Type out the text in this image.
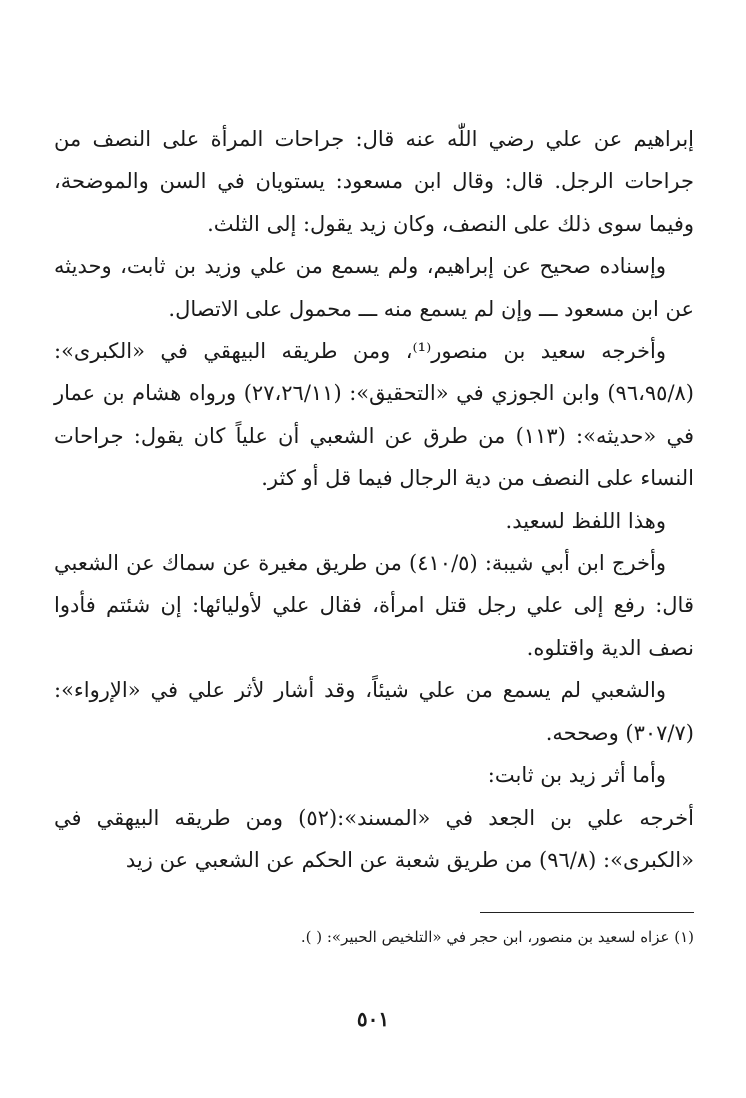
إبراهيم عن علي رضي اللّٰه عنه قال: جراحات المرأة على النصف من جراحات الرجل. قال: وقال ابن مسعود: يستويان في السن والموضحة، وفيما سوى ذلك على النصف، وكان زيد يقول: إلى الثلث.

وإسناده صحيح عن إبراهيم، ولم يسمع من علي وزيد بن ثابت، وحديثه عن ابن مسعود ـــ وإن لم يسمع منه ـــ محمول على الاتصال.

وأخرجه سعيد بن منصور⁽¹⁾، ومن طريقه البيهقي في «الكبرى»: (٩٦،٩٥/٨) وابن الجوزي في «التحقيق»: (٢٧،٢٦/١١) ورواه هشام بن عمار في «حديثه»: (١١٣) من طرق عن الشعبي أن علياً كان يقول: جراحات النساء على النصف من دية الرجال فيما قل أو كثر.

وهذا اللفظ لسعيد.

وأخرج ابن أبي شيبة: (٤١٠/٥) من طريق مغيرة عن سماك عن الشعبي قال: رفع إلى علي رجل قتل امرأة، فقال علي لأوليائها: إن شئتم فأدوا نصف الدية واقتلوه.

والشعبي لم يسمع من علي شيئاً، وقد أشار لأثر علي في «الإرواء»: (٣٠٧/٧) وصححه.

وأما أثر زيد بن ثابت:

أخرجه علي بن الجعد في «المسند»:(٥٢) ومن طريقه البيهقي في «الكبرى»: (٩٦/٨) من طريق شعبة عن الحكم عن الشعبي عن زيد

(١) عزاه لسعيد بن منصور، ابن حجر في «التلخيص الحبير»: ( ).

٥٠١
